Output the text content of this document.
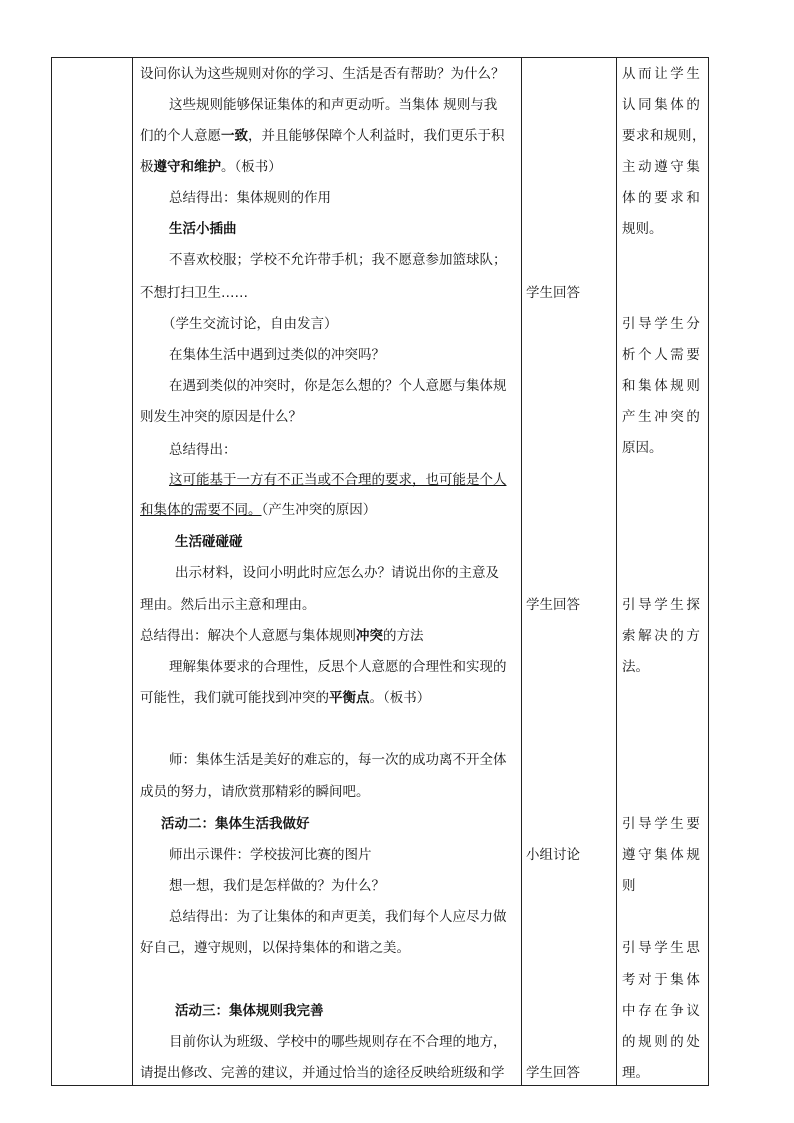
设问你认为这些规则对你的学习、生活是否有帮助？为什么？
这些规则能够保证集体的和声更动听。当集体 规则与我
们的个人意愿一致，并且能够保障个人利益时，我们更乐于积
极遵守和维护。（板书）
总结得出：集体规则的作用
生活小插曲
不喜欢校服；学校不允许带手机；我不愿意参加篮球队；
不想打扫卫生……
（学生交流讨论，自由发言）
在集体生活中遇到过类似的冲突吗？
在遇到类似的冲突时，你是怎么想的？个人意愿与集体规
则发生冲突的原因是什么？
总结得出：
这可能基于一方有不正当或不合理的要求，也可能是个人
和集体的需要不同。（产生冲突的原因）
生活碰碰碰
出示材料，设问小明此时应怎么办？请说出你的主意及
理由。然后出示主意和理由。
总结得出：解决个人意愿与集体规则冲突的方法
理解集体要求的合理性，反思个人意愿的合理性和实现的
可能性，我们就可能找到冲突的平衡点。（板书）
师：集体生活是美好的难忘的，每一次的成功离不开全体
成员的努力，请欣赏那精彩的瞬间吧。
活动二：集体生活我做好
师出示课件：学校拔河比赛的图片
想一想，我们是怎样做的？为什么？
总结得出：为了让集体的和声更美，我们每个人应尽力做
好自己，遵守规则，以保持集体的和谐之美。
活动三：集体规则我完善
目前你认为班级、学校中的哪些规则存在不合理的地方，
请提出修改、完善的建议，并通过恰当的途径反映给班级和学
学生回答
学生回答
小组讨论
学生回答
从而让学生
认同集体的
要求和规则，
主动遵守集
体的要求和
规则。
引导学生分
析个人需要
和集体规则
产生冲突的
原因。
引导学生探
索解决的方
法。
引导学生要
遵守集体规
则
引导学生思
考对于集体
中存在争议
的规则的处
理。
